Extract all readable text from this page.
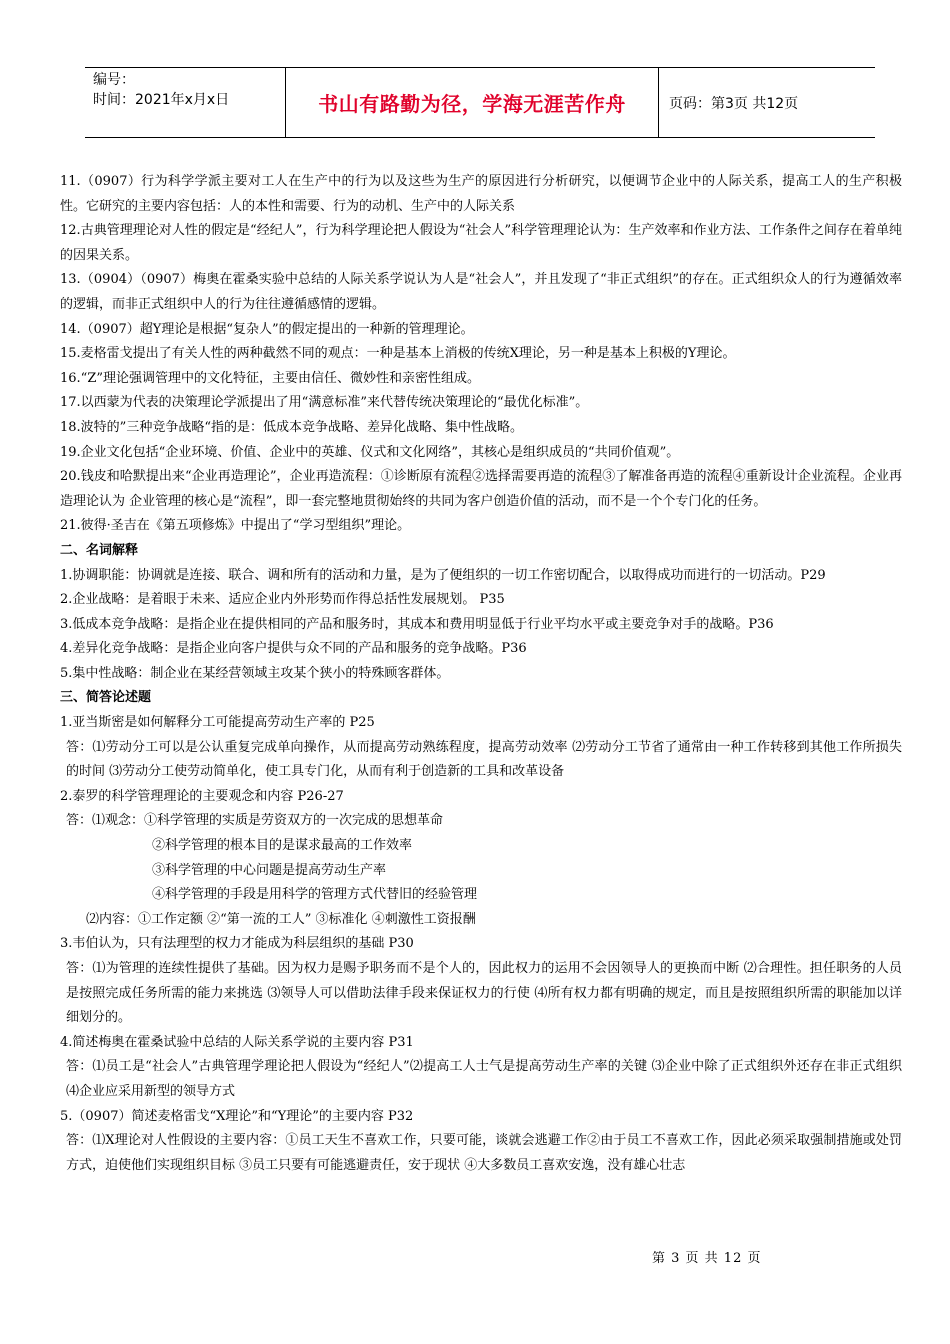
编号：
时间：2021年x月x日	书山有路勤为径，学海无涯苦作舟	页码：第3页 共12页

11.（0907）行为科学学派主要对工人在生产中的行为以及这些为生产的原因进行分析研究，以便调节企业中的人际关系，提高工人的生产积极性。它研究的主要内容包括：人的本性和需要、行为的动机、生产中的人际关系

12.古典管理理论对人性的假定是“经纪人”，行为科学理论把人假设为“社会人”科学管理理论认为：生产效率和作业方法、工作条件之间存在着单纯的因果关系。

13.（0904）（0907）梅奥在霍桑实验中总结的人际关系学说认为人是“社会人”，并且发现了“非正式组织”的存在。正式组织众人的行为遵循效率的逻辑，而非正式组织中人的行为往往遵循感情的逻辑。

14.（0907）超Y理论是根据“复杂人”的假定提出的一种新的管理理论。

15.麦格雷戈提出了有关人性的两种截然不同的观点：一种是基本上消极的传统X理论，另一种是基本上积极的Y理论。

16.“Z”理论强调管理中的文化特征，主要由信任、微妙性和亲密性组成。

17.以西蒙为代表的决策理论学派提出了用“满意标准”来代替传统决策理论的“最优化标准”。

18.波特的”三种竞争战略“指的是：低成本竞争战略、差异化战略、集中性战略。

19.企业文化包括“企业环境、价值、企业中的英雄、仪式和文化网络”，其核心是组织成员的“共同价值观”。

20.钱皮和哈默提出来“企业再造理论”，企业再造流程：①诊断原有流程②选择需要再造的流程③了解准备再造的流程④重新设计企业流程。企业再造理论认为 企业管理的核心是“流程”，即一套完整地贯彻始终的共同为客户创造价值的活动，而不是一个个专门化的任务。

21.彼得·圣吉在《第五项修炼》中提出了“学习型组织”理论。

二、名词解释

1.协调职能：协调就是连接、联合、调和所有的活动和力量，是为了便组织的一切工作密切配合，以取得成功而进行的一切活动。P29

2.企业战略：是着眼于未来、适应企业内外形势而作得总括性发展规划。 P35

3.低成本竞争战略：是指企业在提供相同的产品和服务时，其成本和费用明显低于行业平均水平或主要竞争对手的战略。P36

4.差异化竞争战略：是指企业向客户提供与众不同的产品和服务的竞争战略。P36

5.集中性战略：制企业在某经营领域主攻某个狭小的特殊顾客群体。

三、简答论述题

1.亚当斯密是如何解释分工可能提高劳动生产率的 P25

答：⑴劳动分工可以是公认重复完成单向操作，从而提高劳动熟练程度，提高劳动效率 ⑵劳动分工节省了通常由一种工作转移到其他工作所损失的时间 ⑶劳动分工使劳动简单化，使工具专门化，从而有利于创造新的工具和改革设备

2.泰罗的科学管理理论的主要观念和内容 P26-27

答：⑴观念：①科学管理的实质是劳资双方的一次完成的思想革命

②科学管理的根本目的是谋求最高的工作效率

③科学管理的中心问题是提高劳动生产率

④科学管理的手段是用科学的管理方式代替旧的经验管理

⑵内容：①工作定额 ②“第一流的工人” ③标准化 ④刺激性工资报酬

3.韦伯认为，只有法理型的权力才能成为科层组织的基础 P30

答：⑴为管理的连续性提供了基础。因为权力是赐予职务而不是个人的，因此权力的运用不会因领导人的更换而中断 ⑵合理性。担任职务的人员是按照完成任务所需的能力来挑选 ⑶领导人可以借助法律手段来保证权力的行使 ⑷所有权力都有明确的规定，而且是按照组织所需的职能加以详细划分的。

4.简述梅奥在霍桑试验中总结的人际关系学说的主要内容 P31

答：⑴员工是“社会人”古典管理学理论把人假设为“经纪人”⑵提高工人士气是提高劳动生产率的关键 ⑶企业中除了正式组织外还存在非正式组织 ⑷企业应采用新型的领导方式

5.（0907）简述麦格雷戈“X理论”和“Y理论”的主要内容 P32

答：⑴X理论对人性假设的主要内容：①员工天生不喜欢工作，只要可能，谈就会逃避工作②由于员工不喜欢工作，因此必须采取强制措施或处罚方式，迫使他们实现组织目标 ③员工只要有可能逃避责任，安于现状 ④大多数员工喜欢安逸，没有雄心壮志

第 3 页 共 12 页
